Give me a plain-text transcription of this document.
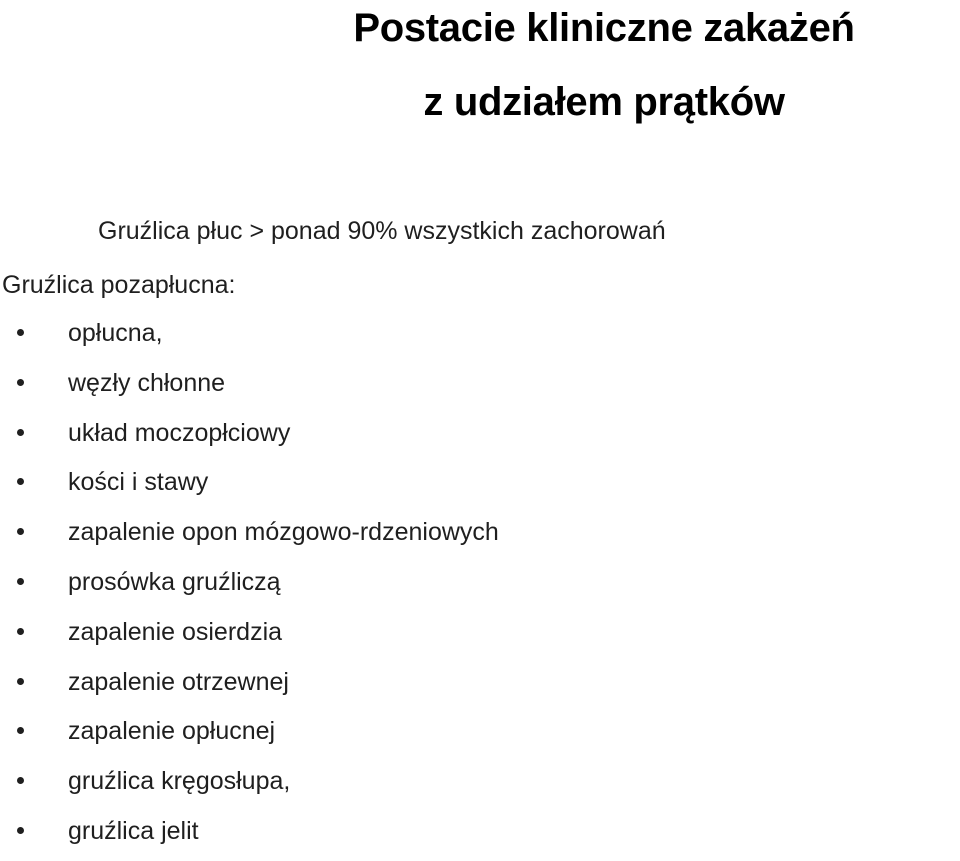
Postacie kliniczne zakażeń
z udziałem prątków
Gruźlica płuc > ponad 90% wszystkich zachorowań
Gruźlica pozapłucna:
opłucna,
węzły chłonne
układ moczopłciowy
kości i stawy
zapalenie opon mózgowo-rdzeniowych
prosówka gruźliczą
zapalenie osierdzia
zapalenie otrzewnej
zapalenie opłucnej
gruźlica kręgosłupa,
gruźlica jelit
